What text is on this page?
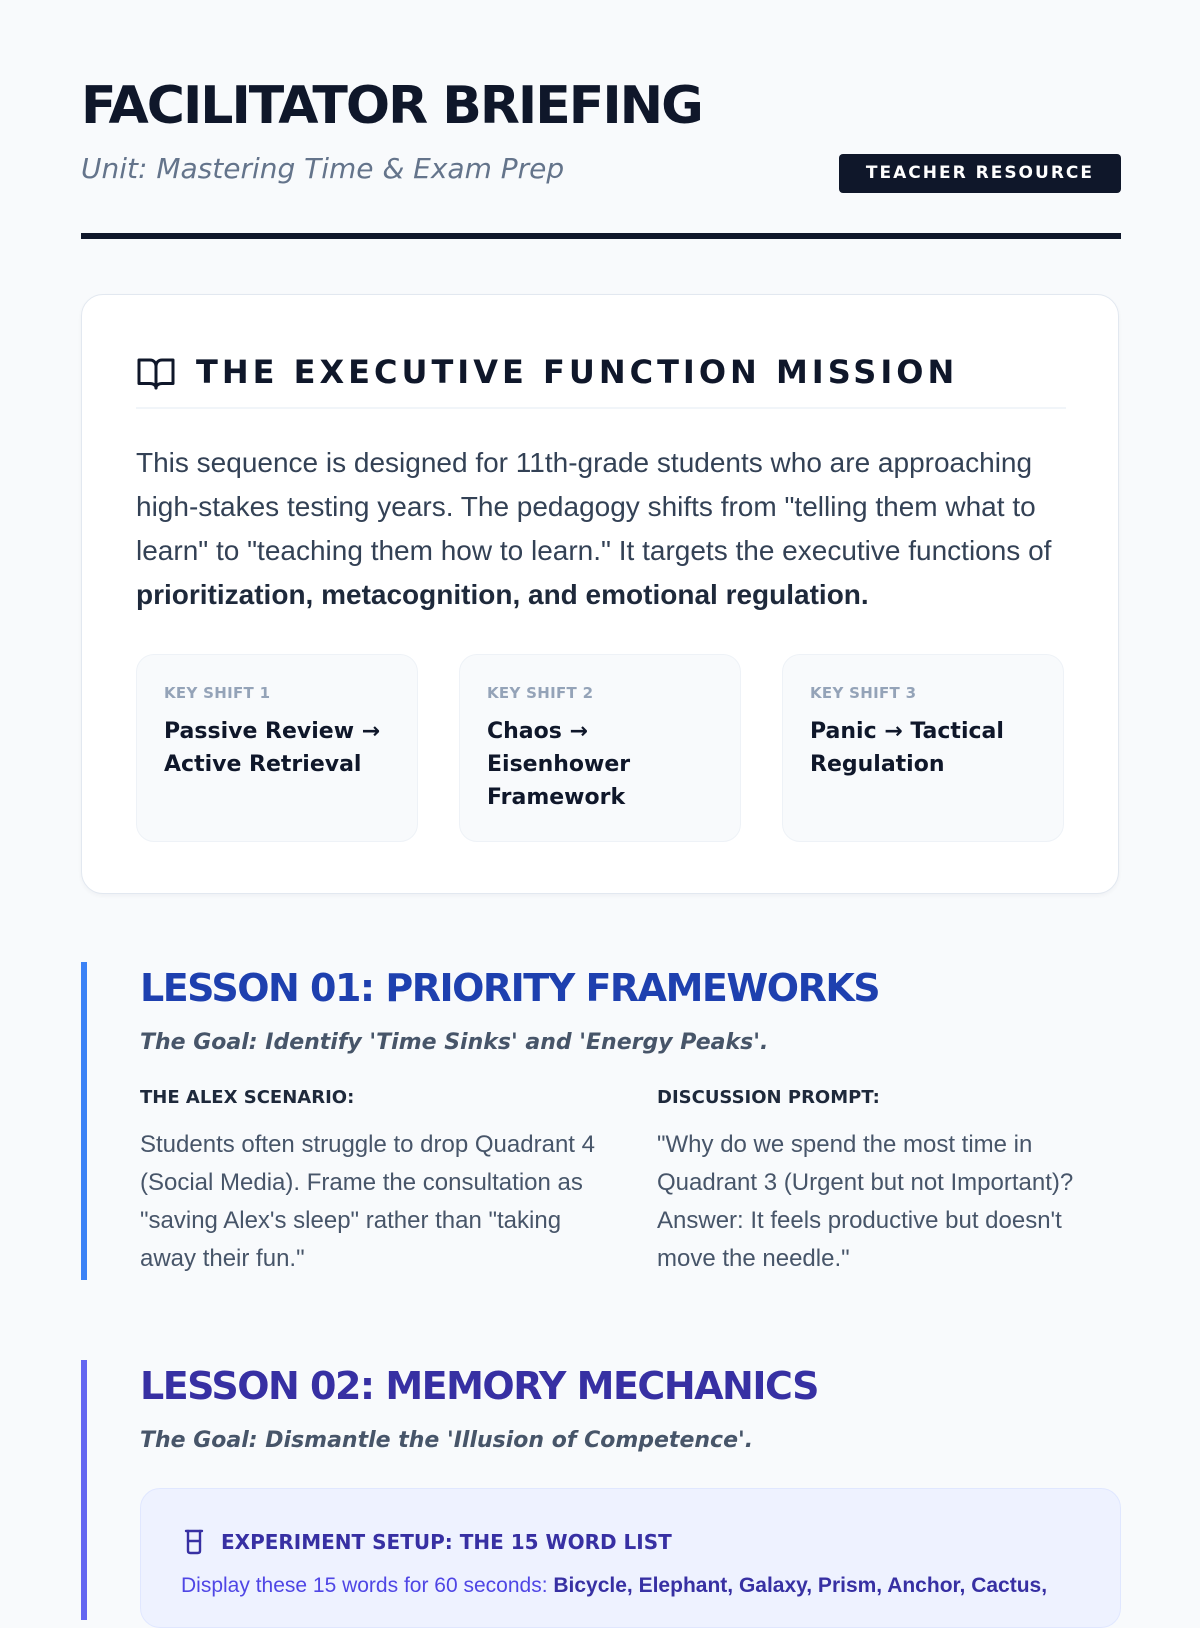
FACILITATOR BRIEFING

Unit: Mastering Time & Exam Prep	TEACHER RESOURCE
THE EXECUTIVE FUNCTION MISSION

This sequence is designed for 11th-grade students who are approaching high-stakes testing years. The pedagogy shifts from "telling them what to learn" to "teaching them how to learn." It targets the executive functions of prioritization, metacognition, and emotional regulation.

KEY SHIFT 1

Passive Review → Active Retrieval

KEY SHIFT 2

Chaos → Eisenhower Framework

KEY SHIFT 3

Panic → Tactical Regulation

LESSON 01: PRIORITY FRAMEWORKS

The Goal: Identify 'Time Sinks' and 'Energy Peaks'.

THE ALEX SCENARIO:

Students often struggle to drop Quadrant 4 (Social Media). Frame the consultation as "saving Alex's sleep" rather than "taking away their fun."

DISCUSSION PROMPT:

"Why do we spend the most time in Quadrant 3 (Urgent but not Important)? Answer: It feels productive but doesn't move the needle."

LESSON 02: MEMORY MECHANICS

The Goal: Dismantle the 'Illusion of Competence'.

EXPERIMENT SETUP: THE 15 WORD LIST

Display these 15 words for 60 seconds: Bicycle, Elephant, Galaxy, Prism, Anchor, Cactus,
